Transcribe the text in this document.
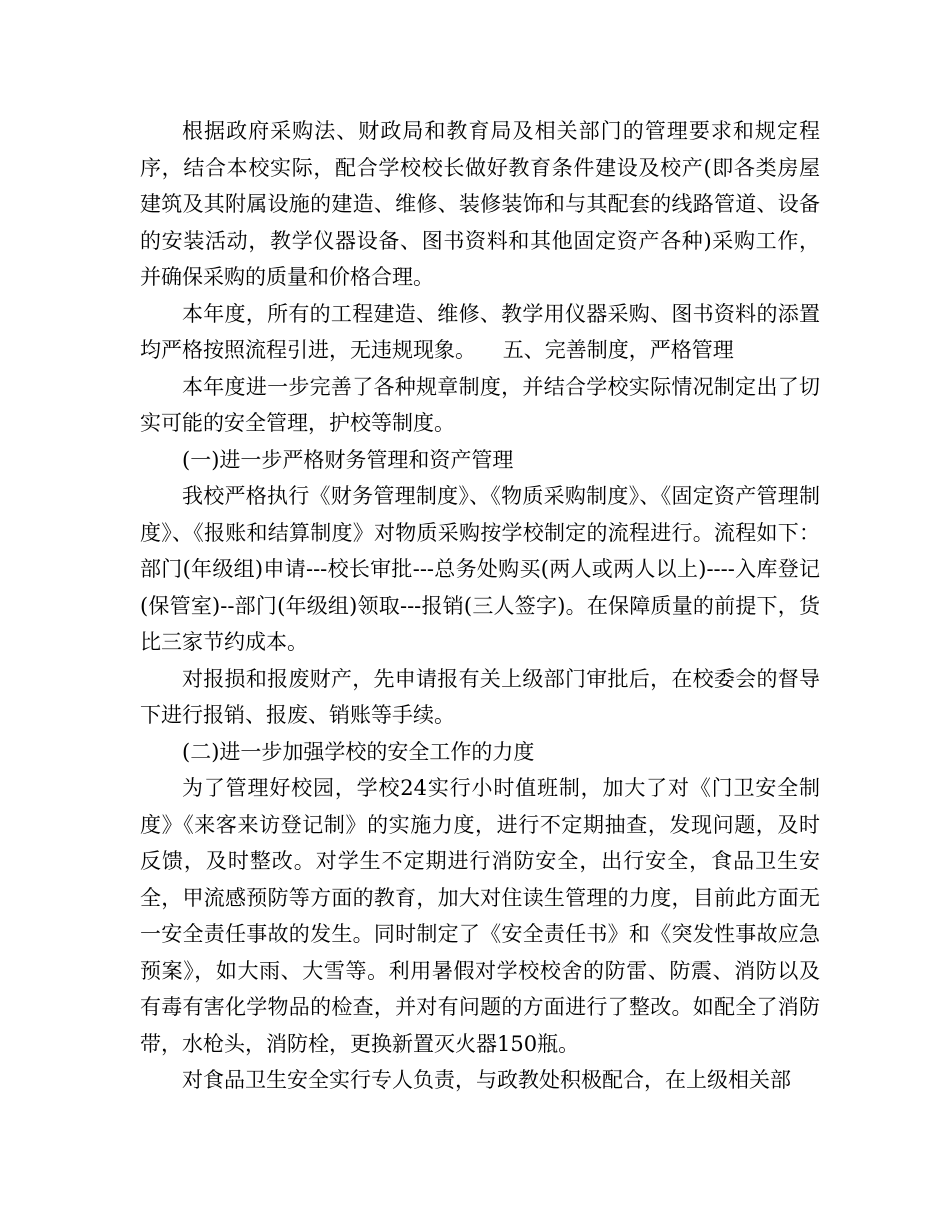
根据政府采购法、财政局和教育局及相关部门的管理要求和规定程序，结合本校实际，配合学校校长做好教育条件建设及校产(即各类房屋建筑及其附属设施的建造、维修、装修装饰和与其配套的线路管道、设备的安装活动，教学仪器设备、图书资料和其他固定资产各种)采购工作，并确保采购的质量和价格合理。

本年度，所有的工程建造、维修、教学用仪器采购、图书资料的添置均严格按照流程引进，无违规现象。    五、完善制度，严格管理

本年度进一步完善了各种规章制度，并结合学校实际情况制定出了切实可能的安全管理，护校等制度。

(一)进一步严格财务管理和资产管理

我校严格执行《财务管理制度》、《物质采购制度》、《固定资产管理制度》、《报账和结算制度》对物质采购按学校制定的流程进行。流程如下：部门(年级组)申请---校长审批---总务处购买(两人或两人以上)----入库登记(保管室)--部门(年级组)领取---报销(三人签字)。在保障质量的前提下，货比三家节约成本。

对报损和报废财产，先申请报有关上级部门审批后，在校委会的督导下进行报销、报废、销账等手续。

(二)进一步加强学校的安全工作的力度

为了管理好校园，学校24实行小时值班制，加大了对《门卫安全制度》《来客来访登记制》的实施力度，进行不定期抽查，发现问题，及时反馈，及时整改。对学生不定期进行消防安全，出行安全，食品卫生安全，甲流感预防等方面的教育，加大对住读生管理的力度，目前此方面无一安全责任事故的发生。同时制定了《安全责任书》和《突发性事故应急预案》，如大雨、大雪等。利用暑假对学校校舍的防雷、防震、消防以及有毒有害化学物品的检查，并对有问题的方面进行了整改。如配全了消防带，水枪头，消防栓，更换新置灭火器150瓶。

对食品卫生安全实行专人负责，与政教处积极配合，在上级相关部
